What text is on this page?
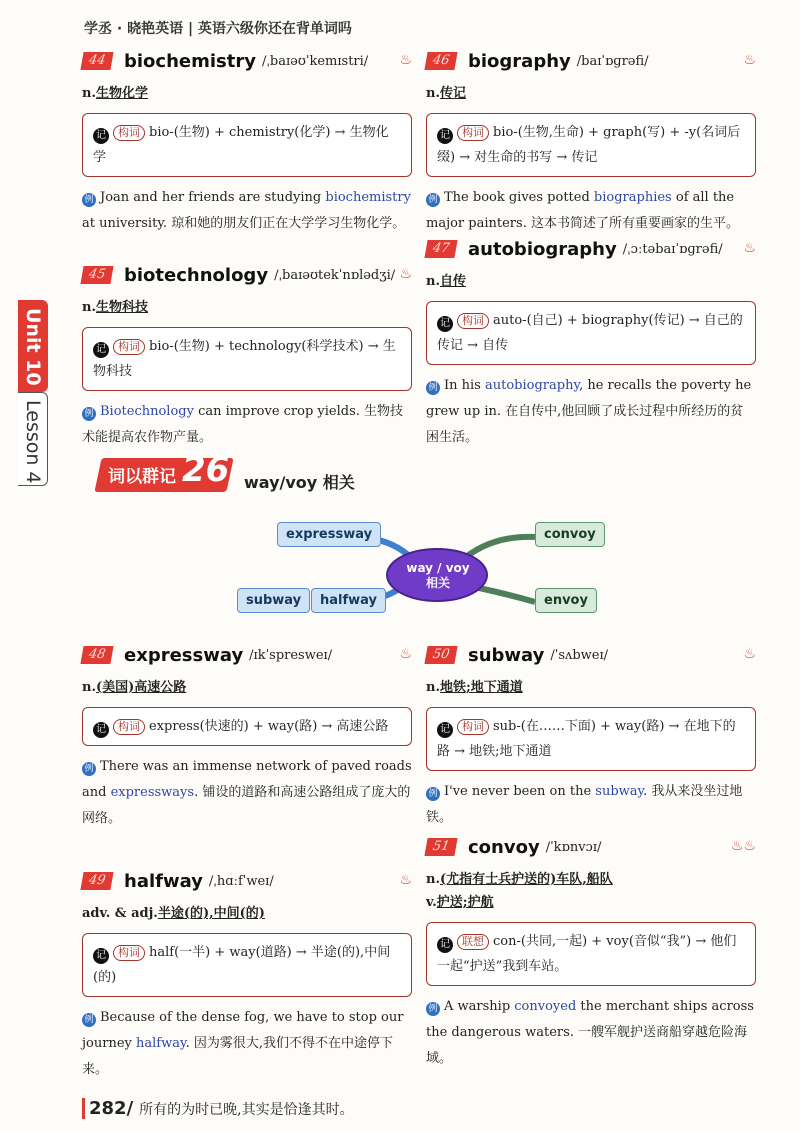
学丞 · 晓艳英语 | 英语六级你还在背单词吗
Unit 10
Lesson 4
44 biochemistry /ˌbaɪəʊˈkemɪstri/ ♨
n.生物化学
记 构词 bio-(生物) + chemistry(化学) → 生物化学
例 Joan and her friends are studying biochemistry at university. 琼和她的朋友们正在大学学习生物化学。
45 biotechnology /ˌbaɪəʊtekˈnɒlədʒi/ ♨
n.生物科技
记 构词 bio-(生物) + technology(科学技术) → 生物科技
例 Biotechnology can improve crop yields. 生物技术能提高农作物产量。
46 biography /baɪˈɒɡrəfi/	♨
n.传记
记 构词 bio-(生物,生命) + graph(写) + -y(名词后缀) → 对生命的书写 → 传记
例 The book gives potted biographies of all the major painters. 这本书简述了所有重要画家的生平。
47 autobiography /ˌɔːtəbaɪˈɒɡrəfi/ ♨
n.自传
记 构词 auto-(自己) + biography(传记) → 自己的传记 → 自传
例 In his autobiography, he recalls the poverty he grew up in. 在自传中,他回顾了成长过程中所经历的贫困生活。
词以群记 26 way/voy 相关
way / voy
相关
expressway
subway	halfway
convoy
envoy
48 expressway /ɪkˈspresweɪ/	♨
n.(美国)高速公路
记 构词 express(快速的) + way(路) → 高速公路
例 There was an immense network of paved roads and expressways. 铺设的道路和高速公路组成了庞大的网络。
49 halfway /ˌhɑːfˈweɪ/	♨
adv. & adj.半途(的),中间(的)
记 构词 half(一半) + way(道路) → 半途(的),中间(的)
例 Because of the dense fog, we have to stop our journey halfway. 因为雾很大,我们不得不在中途停下来。
50 subway /ˈsʌbweɪ/	♨
n.地铁;地下通道
记 构词 sub-(在……下面) + way(路) → 在地下的路 → 地铁;地下通道
例 I've never been on the subway. 我从来没坐过地铁。
51 convoy /ˈkɒnvɔɪ/	♨♨
n.(尤指有士兵护送的)车队,船队
v.护送;护航
记 联想 con-(共同,一起) + voy(音似“我”) → 他们一起“护送”我到车站。
例 A warship convoyed the merchant ships across the dangerous waters. 一艘军舰护送商船穿越危险海域。
282/ 所有的为时已晚,其实是恰逢其时。
